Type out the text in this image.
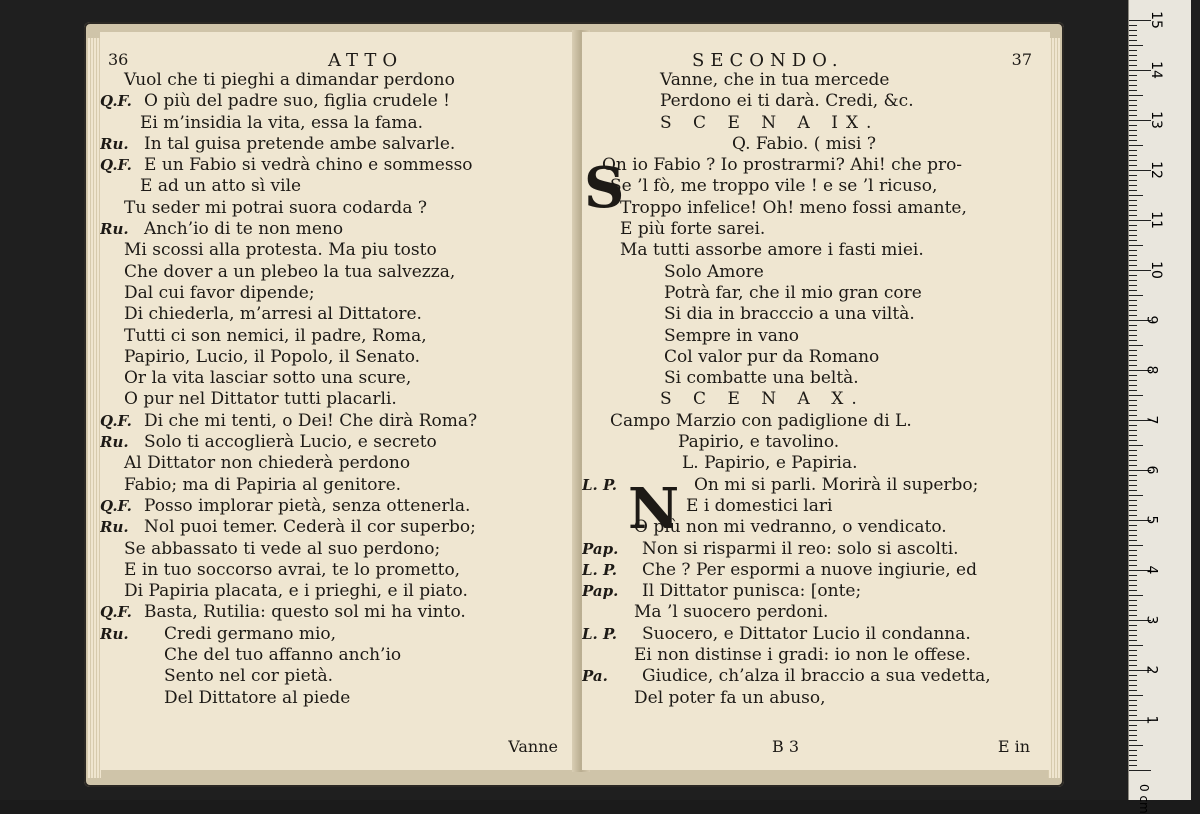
36	ATTO
Vuol che ti pieghi a dimandar perdono
Q.F. O più del padre suo, figlia crudele !
Ei m’insidia la vita, essa la fama.
Ru. In tal guisa pretende ambe salvarle.
Q.F. E un Fabio si vedrà chino e sommesso
E ad un atto sì vile
Tu seder mi potrai suora codarda ?
Ru. Anch’io di te non meno
Mi scossi alla protesta. Ma piu tosto
Che dover a un plebeo la tua salvezza,
Dal cui favor dipende;
Di chiederla, m’arresi al Dittatore.
Tutti ci son nemici, il padre, Roma,
Papirio, Lucio, il Popolo, il Senato.
Or la vita lasciar sotto una scure,
O pur nel Dittator tutti placarli.
Q.F. Di che mi tenti, o Dei! Che dirà Roma?
Ru. Solo ti accoglierà Lucio, e secreto
Al Dittator non chiederà perdono
Fabio; ma di Papiria al genitore.
Q.F. Posso implorar pietà, senza ottenerla.
Ru. Nol puoi temer. Cederà il cor superbo;
Se abbassato ti vede al suo perdono;
E in tuo soccorso avrai, te lo prometto,
Di Papiria placata, e i prieghi, e il piato.
Q.F. Basta, Rutilia: questo sol mi ha vinto.
Ru. Credi germano mio,
Che del tuo affanno anch’io
Sento nel cor pietà.
Del Dittatore al piede
Vanne
SECONDO.	37
Vanne, che in tua mercede
Perdono ei ti darà. Credi, &c.
S C E N A IX.
Q. Fabio. ( misi ?
On io Fabio ? Io prostrarmi? Ahi! che pro-
Se ’l fò, me troppo vile ! e se ’l ricuso,
Troppo infelice! Oh! meno fossi amante,
E più forte sarei.
Ma tutti assorbe amore i fasti miei.
Solo Amore
Potrà far, che il mio gran core
Si dia in bracccio a una viltà.
Sempre in vano
Col valor pur da Romano
Si combatte una beltà.
S C E N A X.
Campo Marzio con padiglione di L.
Papirio, e tavolino.
L. Papirio, e Papiria.
L. P.	On mi si parli. Morirà il superbo;
E i domestici lari
O più non mi vedranno, o vendicato.
Pap. Non si risparmi il reo: solo si ascolti.
L. P. Che ? Per espormi a nuove ingiurie, ed
Pap. Il Dittator punisca: [onte;
Ma ’l suocero perdoni.
L. P. Suocero, e Dittator Lucio il condanna.
Ei non distinse i gradi: io non le offese.
Pa. Giudice, ch’alza il braccio a sua vedetta,
Del poter fa un abuso,
S
N
B 3	E in
0 cm
1
2
3
4
5
6
7
8
9
10
11
12
13
14
15
